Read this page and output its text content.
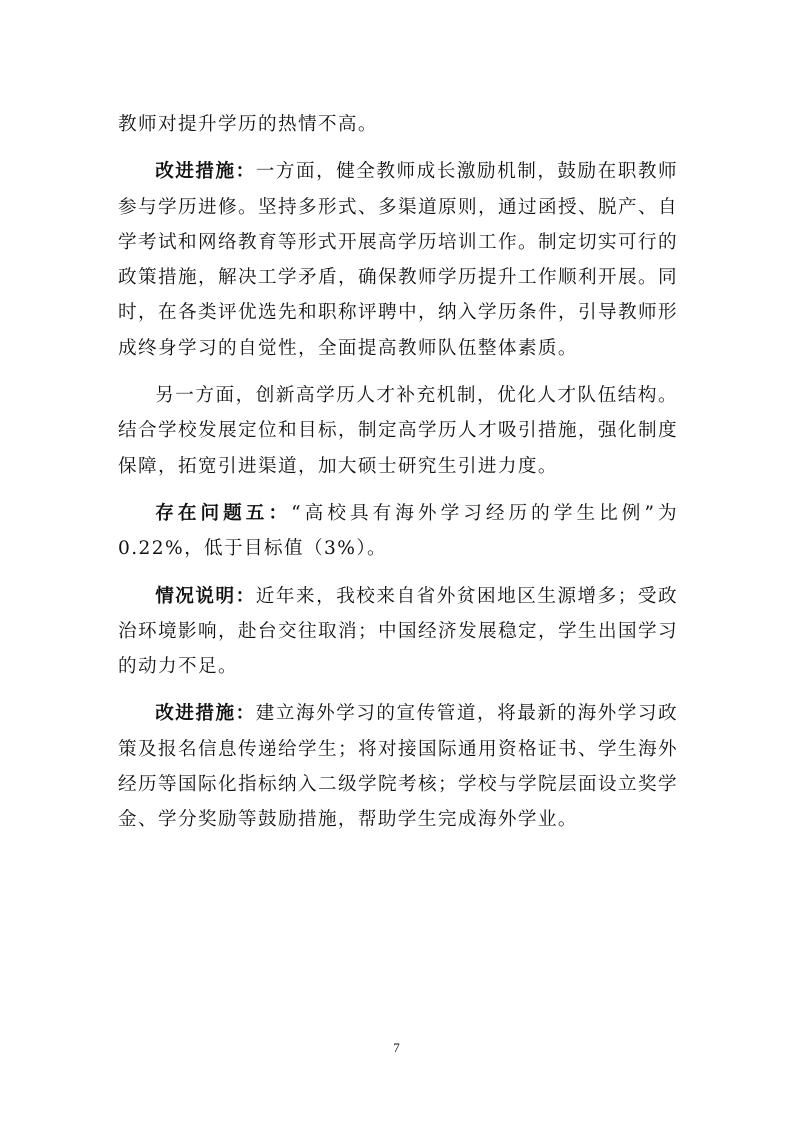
教师对提升学历的热情不高。

改进措施：一方面，健全教师成长激励机制，鼓励在职教师参与学历进修。坚持多形式、多渠道原则，通过函授、脱产、自学考试和网络教育等形式开展高学历培训工作。制定切实可行的政策措施，解决工学矛盾，确保教师学历提升工作顺利开展。同时，在各类评优选先和职称评聘中，纳入学历条件，引导教师形成终身学习的自觉性，全面提高教师队伍整体素质。

另一方面，创新高学历人才补充机制，优化人才队伍结构。结合学校发展定位和目标，制定高学历人才吸引措施，强化制度保障，拓宽引进渠道，加大硕士研究生引进力度。

存在问题五：“高校具有海外学习经历的学生比例”为 0.22%，低于目标值（3%）。

情况说明：近年来，我校来自省外贫困地区生源增多；受政治环境影响，赴台交往取消；中国经济发展稳定，学生出国学习的动力不足。

改进措施：建立海外学习的宣传管道，将最新的海外学习政策及报名信息传递给学生；将对接国际通用资格证书、学生海外经历等国际化指标纳入二级学院考核；学校与学院层面设立奖学金、学分奖励等鼓励措施，帮助学生完成海外学业。

7
